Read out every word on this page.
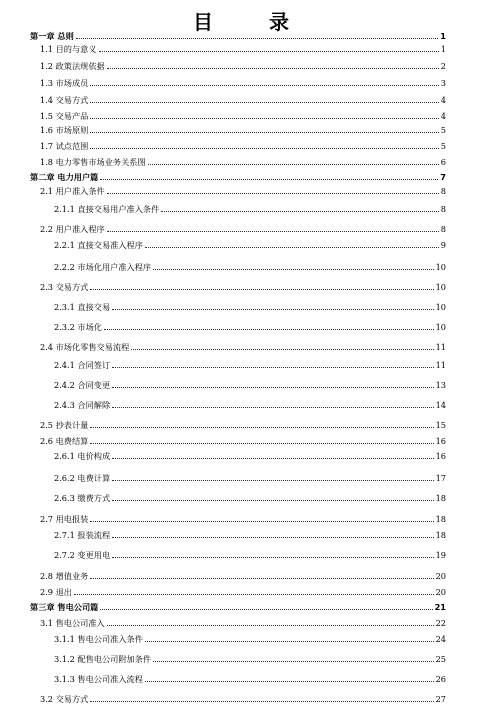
目　录
第一章 总则	1
1.1 目的与意义	1
1.2 政策法规依据	2
1.3 市场成员	3
1.4 交易方式	4
1.5 交易产品	4
1.6 市场原则	5
1.7 试点范围	5
1.8 电力零售市场业务关系图	6
第二章 电力用户篇	7
2.1 用户准入条件	8
2.1.1 直接交易用户准入条件	8
2.2 用户准入程序	8
2.2.1 直接交易准入程序	9
2.2.2 市场化用户准入程序	10
2.3 交易方式	10
2.3.1 直接交易	10
2.3.2 市场化	10
2.4 市场化零售交易流程	11
2.4.1 合同签订	11
2.4.2 合同变更	13
2.4.3 合同解除	14
2.5 抄表计量	15
2.6 电费结算	16
2.6.1 电价构成	16
2.6.2 电费计算	17
2.6.3 缴费方式	18
2.7 用电报装	18
2.7.1 报装流程	18
2.7.2 变更用电	19
2.8 增值业务	20
2.9 退出	20
第三章 售电公司篇	21
3.1 售电公司准入	22
3.1.1 售电公司准入条件	24
3.1.2 配售电公司附加条件	25
3.1.3 售电公司准入流程	26
3.2 交易方式	27
